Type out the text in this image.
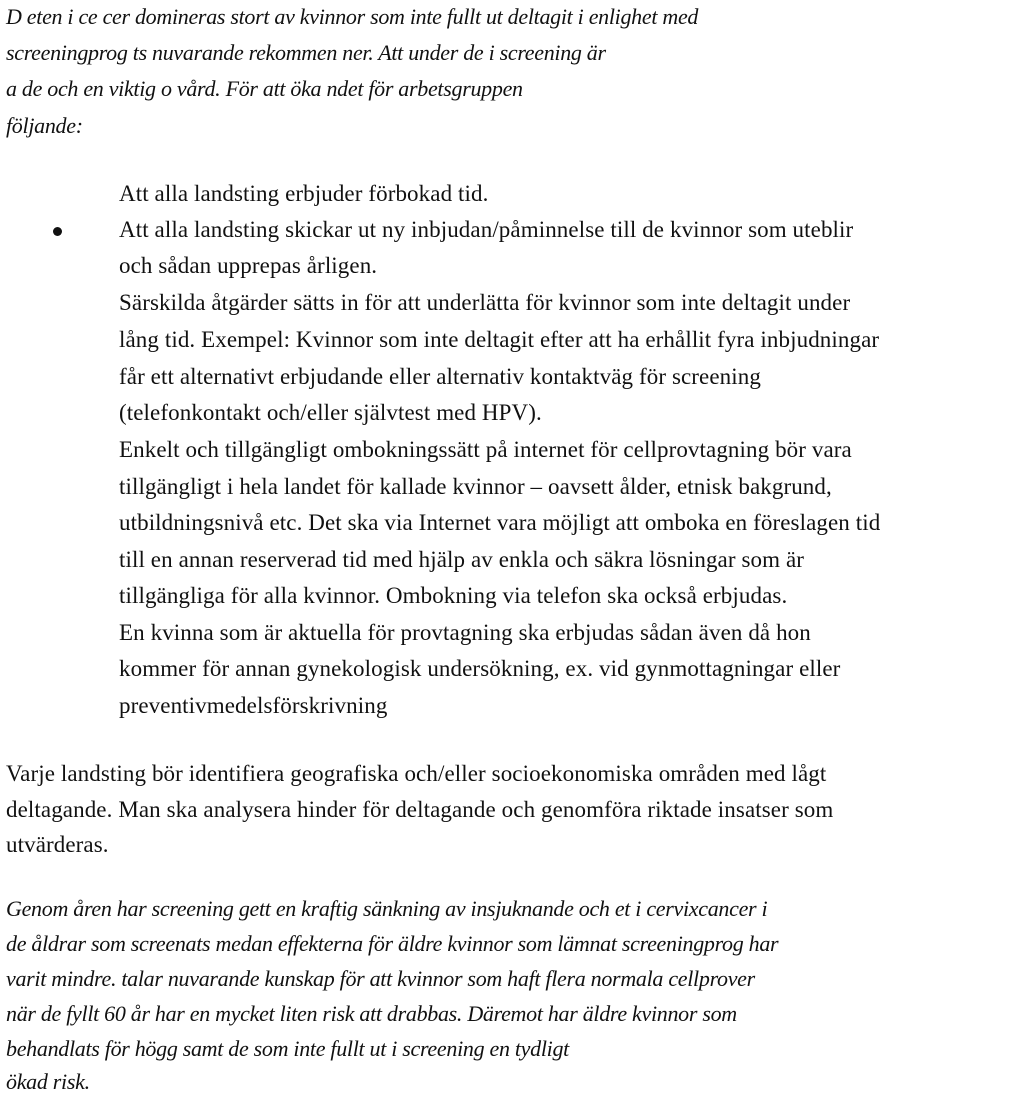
D eten i ce cer domineras stort av kvinnor som inte fullt ut deltagit i enlighet med
screeningprog ts nuvarande rekommen ner. Att under de i screening är
a de och en viktig o vård. För att öka ndet för arbetsgruppen
följande:
Att alla landsting erbjuder förbokad tid.
Att alla landsting skickar ut ny inbjudan/påminnelse till de kvinnor som uteblir
och sådan upprepas årligen.
Särskilda åtgärder sätts in för att underlätta för kvinnor som inte deltagit under
lång tid. Exempel: Kvinnor som inte deltagit efter att ha erhållit fyra inbjudningar
får ett alternativt erbjudande eller alternativ kontaktväg för screening
(telefonkontakt och/eller självtest med HPV).
Enkelt och tillgängligt ombokningssätt på internet för cellprovtagning bör vara
tillgängligt i hela landet för kallade kvinnor – oavsett ålder, etnisk bakgrund,
utbildningsnivå etc. Det ska via Internet vara möjligt att omboka en föreslagen tid
till en annan reserverad tid med hjälp av enkla och säkra lösningar som är
tillgängliga för alla kvinnor. Ombokning via telefon ska också erbjudas.
En kvinna som är aktuella för provtagning ska erbjudas sådan även då hon
kommer för annan gynekologisk undersökning, ex. vid gynmottagningar eller
preventivmedelsförskrivning
Varje landsting bör identifiera geografiska och/eller socioekonomiska områden med lågt
deltagande. Man ska analysera hinder för deltagande och genomföra riktade insatser som
utvärderas.
Genom åren har screening gett en kraftig sänkning av insjuknande och et i cervixcancer i
de åldrar som screenats medan effekterna för äldre kvinnor som lämnat screeningprog har
varit mindre. talar nuvarande kunskap för att kvinnor som haft flera normala cellprover
när de fyllt 60 år har en mycket liten risk att drabbas. Däremot har äldre kvinnor som
behandlats för högg samt de som inte fullt ut i screening en tydligt
ökad risk.
